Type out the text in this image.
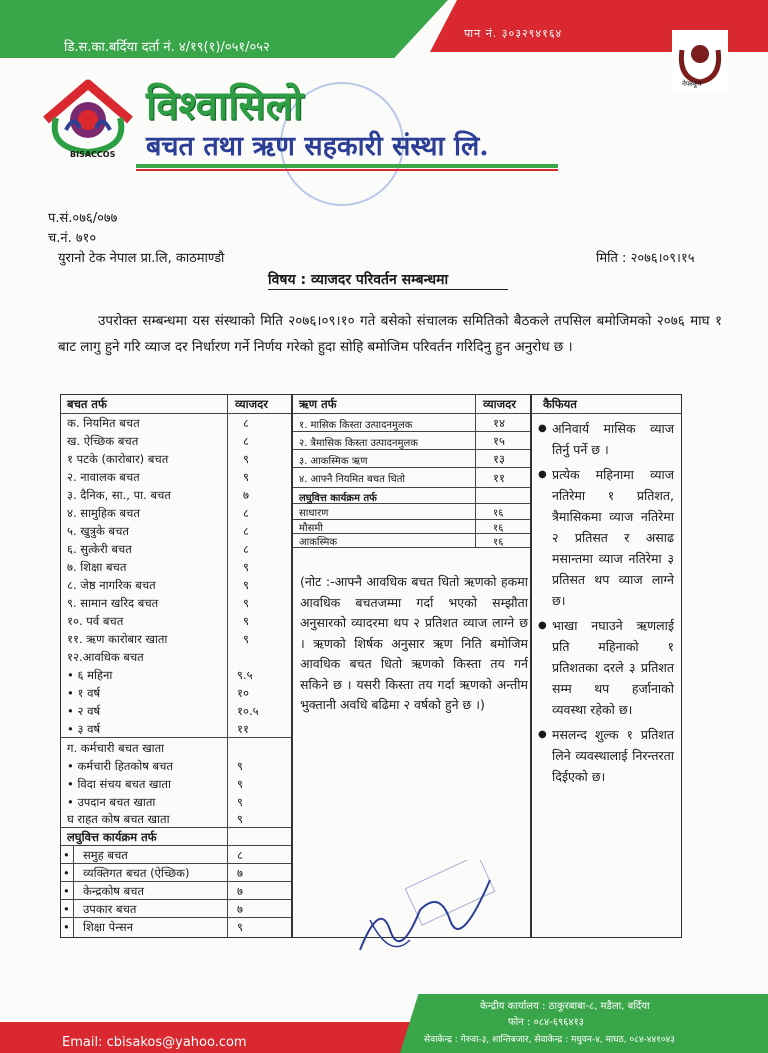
डि.स.का.बर्दिया दर्ता नं. ४/१९(१)/०५१/०५२
पान नं. ३०३२९४१६४
BISACCOS
नेफ्स्कून
विश्वासिलो
बचत तथा ऋण सहकारी संस्था लि.
प.सं.०७६/०७७
च.नं. ७१०
युरानो टेक नेपाल प्रा.लि, काठमाण्डौ	मिति : २०७६।०९।१५
विषय : व्याजदर परिवर्तन सम्बन्धमा
उपरोक्त सम्बन्धमा यस संस्थाको मिति २०७६।०९।१० गते बसेको संचालक समितिको बैठकले तपसिल बमोजिमको २०७६ माघ १ बाट लागु हुने गरि व्याज दर निर्धारण गर्ने निर्णय गरेको हुदा सोहि बमोजिम परिवर्तन गरिदिनु हुन अनुरोध छ ।
बचत तर्फ	व्याजदर
क. नियमित बचत	८
ख. ऐच्छिक बचत	८
१ पटके (कारोबार) बचत	९
२. नावालक बचत	९
३. दैनिक, सा., पा. बचत	७
४. सामुहिक बचत	८
५. खुत्रुके बचत	८
६. सुत्केरी बचत	८
७. शिक्षा बचत	९
८. जेष्ठ नागरिक बचत	९
९. सामान खरिद बचत	९
१०. पर्व बचत	९
११. ऋण कारोबार खाता	९
१२.आवधिक बचत
• ६ महिना	९.५
• १ वर्ष	१०
• २ वर्ष	१०.५
• ३ वर्ष	११
ग. कर्मचारी बचत खाता
• कर्मचारी हितकोष बचत	९
• विदा संचय बचत खाता	९
• उपदान बचत खाता	९
घ राहत कोष बचत खाता	९
लघुवित्त कार्यक्रम तर्फ
• समुह बचत	८
• व्यक्तिगत बचत (ऐच्छिक)	७
• केन्द्रकोष बचत	७
• उपकार बचत	७
• शिक्षा पेन्सन	९
ऋण तर्फ	व्याजदर
१. मासिक किस्ता उत्पादनमुलक	१४
२. त्रैमासिक किस्ता उत्पादनमुलक	१५
३. आकस्मिक ऋण	१३
४. आफ्नै नियमित बचत धितो	११
लघुवित्त कार्यक्रम तर्फ
साधारण	१६
मौसमी	१६
आकस्मिक	१६
(नोट :-आफ्नै आवधिक बचत धितो ऋणको हकमा आवधिक बचतजम्मा गर्दा भएको सम्झौता अनुसारको व्यादरमा थप २ प्रतिशत व्याज लाग्ने छ । ऋणको शिर्षक अनुसार ऋण निति बमोजिम आवधिक बचत धितो ऋणको किस्ता तय गर्न सकिने छ । यसरी किस्ता तय गर्दा ऋणको अन्तीम भुक्तानी अवधि बढिमा २ वर्षको हुने छ ।)
कैफियत
● अनिवार्य मासिक व्याज तिर्नु पर्ने छ ।
● प्रत्येक महिनामा व्याज नतिरेमा १ प्रतिशत, त्रैमासिकमा व्याज नतिरेमा २ प्रतिसत र असाढ मसान्तमा व्याज नतिरेमा ३ प्रतिसत थप व्याज लाग्ने छ।
● भाखा नघाउने ऋणलाई प्रति महिनाको १ प्रतिशतका दरले ३ प्रतिशत सम्म थप हर्जानाको व्यवस्था रहेको छ।
● मसलन्द शुल्क १ प्रतिशत लिने व्यवस्थालाई निरन्तरता दिईएको छ।
Email: cbisakos@yahoo.com
केन्द्रीय कार्यालय : ठाकुरबाबा-८, मडैला, बर्दिया
फोन : ०८४-६९६४१३
सेवाकेन्द्र : गेरुवा-३, शान्तिबजार, सेवाकेन्द्र : मधुवन-४, माघठ, ०८४-४४१०४३
